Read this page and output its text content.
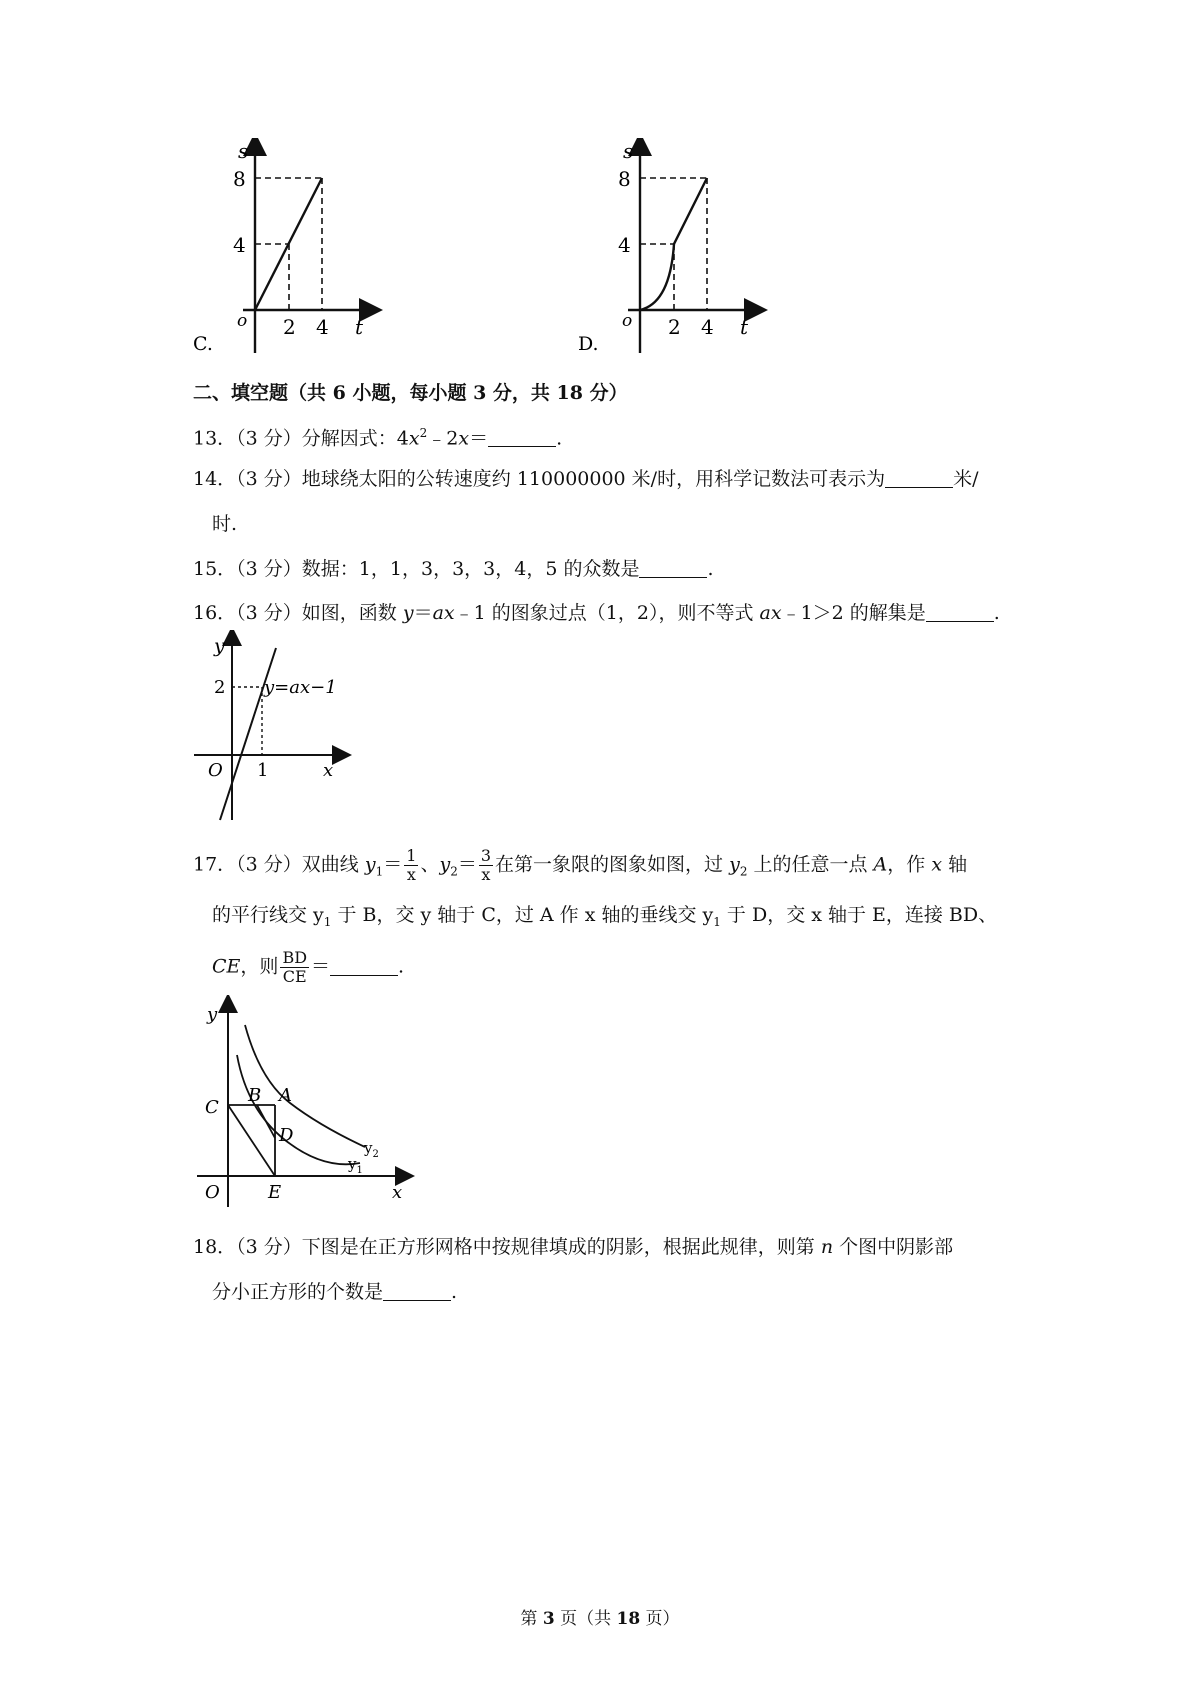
s
8
4
o 2 4 t
C.
s
8
4
o 2 4 t
D.
二、填空题（共 6 小题，每小题 3 分，共 18 分）
13．（3 分）分解因式：$4x^2﹣2x=$	.
14．（3 分）地球绕太阳的公转速度约 110000000 米/时，用科学记数法可表示为	米/
时.
15．（3 分）数据：1，1，3，3，3，4，5 的众数是	.
16．（3 分）如图，函数 y＝ax﹣1 的图象过点（1，2），则不等式 ax﹣1＞2 的解集是	.
y
2 y=ax−1
O 1	x
17．（3 分）双曲线 $y_1= \frac{1}{x}$ 、$y_2= \frac{3}{x}$ 在第一象限的图象如图，过 $y_2$ 上的任意一点 A，作 x 轴
的平行线交 $y_1$ 于 B，交 y 轴于 C，过 A 作 x 轴的垂线交 $y_1$ 于 D，交 x 轴于 E，连接 BD、
CE，则 $\frac{BD}{CE}$ ＝	.
C
B A
D
E
O
y
x
$y_2$
$y_1$
18．（3 分）下图是在正方形网格中按规律填成的阴影，根据此规律，则第 n 个图中阴影部
分小正方形的个数是	.
第 3 页（共 18 页）
